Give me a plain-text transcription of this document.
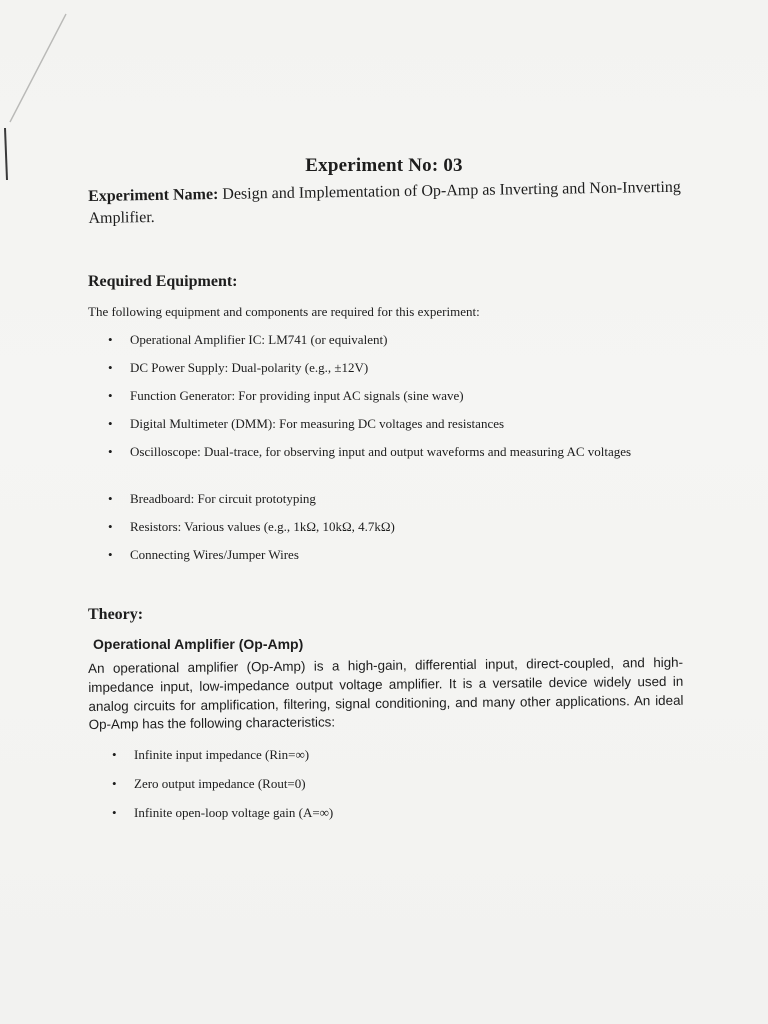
Experiment No: 03

Experiment Name: Design and Implementation of Op-Amp as Inverting and Non-Inverting Amplifier.

Required Equipment:

The following equipment and components are required for this experiment:

• Operational Amplifier IC: LM741 (or equivalent)
• DC Power Supply: Dual-polarity (e.g., ±12V)
• Function Generator: For providing input AC signals (sine wave)
• Digital Multimeter (DMM): For measuring DC voltages and resistances
• Oscilloscope: Dual-trace, for observing input and output waveforms and measuring AC voltages
• Breadboard: For circuit prototyping
• Resistors: Various values (e.g., 1kΩ, 10kΩ, 4.7kΩ)
• Connecting Wires/Jumper Wires
Theory:
Operational Amplifier (Op-Amp)

An operational amplifier (Op-Amp) is a high-gain, differential input, direct-coupled, and high-impedance input, low-impedance output voltage amplifier. It is a versatile device widely used in analog circuits for amplification, filtering, signal conditioning, and many other applications. An ideal Op-Amp has the following characteristics:

• Infinite input impedance (Rin=∞)
• Zero output impedance (Rout=0)
• Infinite open-loop voltage gain (A=∞)
